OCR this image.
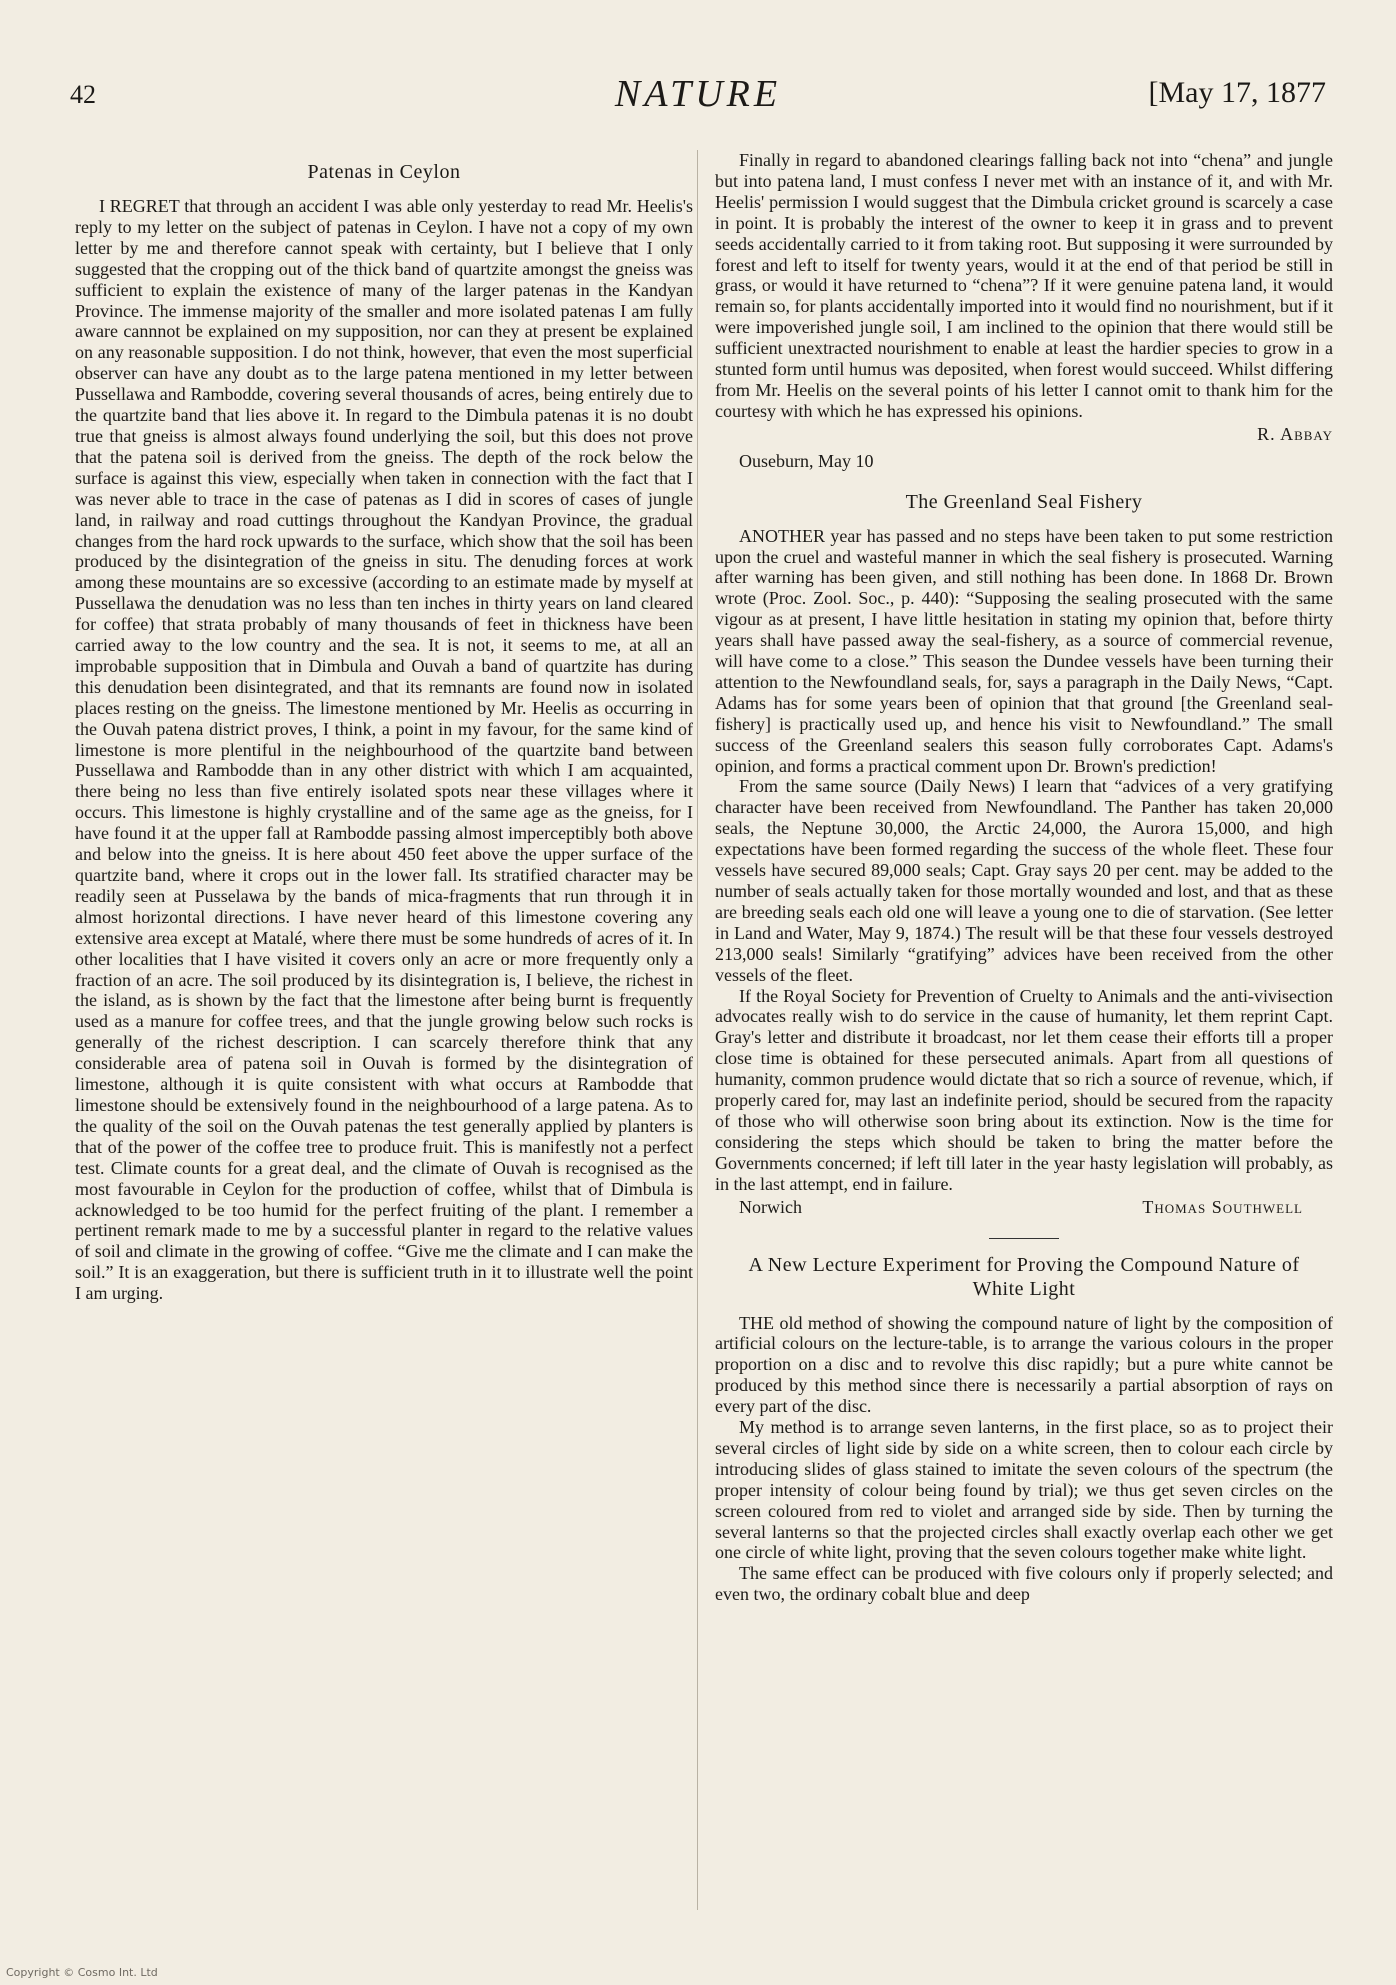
42	NATURE	[May 17, 1877
Patenas in Ceylon

I REGRET that through an accident I was able only yesterday to read Mr. Heelis's reply to my letter on the subject of patenas in Ceylon. I have not a copy of my own letter by me and therefore cannot speak with certainty, but I believe that I only suggested that the cropping out of the thick band of quartzite amongst the gneiss was sufficient to explain the existence of many of the larger patenas in the Kandyan Province. The immense majority of the smaller and more isolated patenas I am fully aware cannnot be explained on my supposition, nor can they at present be explained on any reasonable supposition. I do not think, however, that even the most superficial observer can have any doubt as to the large patena mentioned in my letter between Pussellawa and Rambodde, covering several thousands of acres, being entirely due to the quartzite band that lies above it. In regard to the Dimbula patenas it is no doubt true that gneiss is almost always found underlying the soil, but this does not prove that the patena soil is derived from the gneiss. The depth of the rock below the surface is against this view, especially when taken in connection with the fact that I was never able to trace in the case of patenas as I did in scores of cases of jungle land, in railway and road cuttings throughout the Kandyan Province, the gradual changes from the hard rock upwards to the surface, which show that the soil has been produced by the disintegration of the gneiss in situ. The denuding forces at work among these mountains are so excessive (according to an estimate made by myself at Pussellawa the denudation was no less than ten inches in thirty years on land cleared for coffee) that strata probably of many thousands of feet in thickness have been carried away to the low country and the sea. It is not, it seems to me, at all an improbable supposition that in Dimbula and Ouvah a band of quartzite has during this denudation been disintegrated, and that its remnants are found now in isolated places resting on the gneiss. The limestone mentioned by Mr. Heelis as occurring in the Ouvah patena district proves, I think, a point in my favour, for the same kind of limestone is more plentiful in the neighbourhood of the quartzite band between Pussellawa and Rambodde than in any other district with which I am acquainted, there being no less than five entirely isolated spots near these villages where it occurs. This limestone is highly crystalline and of the same age as the gneiss, for I have found it at the upper fall at Rambodde passing almost imperceptibly both above and below into the gneiss. It is here about 450 feet above the upper surface of the quartzite band, where it crops out in the lower fall. Its stratified character may be readily seen at Pusselawa by the bands of mica-fragments that run through it in almost horizontal directions. I have never heard of this limestone covering any extensive area except at Matalé, where there must be some hundreds of acres of it. In other localities that I have visited it covers only an acre or more frequently only a fraction of an acre. The soil produced by its disintegration is, I believe, the richest in the island, as is shown by the fact that the limestone after being burnt is frequently used as a manure for coffee trees, and that the jungle growing below such rocks is generally of the richest description. I can scarcely therefore think that any considerable area of patena soil in Ouvah is formed by the disintegration of limestone, although it is quite consistent with what occurs at Rambodde that limestone should be extensively found in the neighbourhood of a large patena. As to the quality of the soil on the Ouvah patenas the test generally applied by planters is that of the power of the coffee tree to produce fruit. This is manifestly not a perfect test. Climate counts for a great deal, and the climate of Ouvah is recognised as the most favourable in Ceylon for the production of coffee, whilst that of Dimbula is acknowledged to be too humid for the perfect fruiting of the plant. I remember a pertinent remark made to me by a successful planter in regard to the relative values of soil and climate in the growing of coffee. “Give me the climate and I can make the soil.” It is an exaggeration, but there is sufficient truth in it to illustrate well the point I am urging.

Finally in regard to abandoned clearings falling back not into “chena” and jungle but into patena land, I must confess I never met with an instance of it, and with Mr. Heelis' permission I would suggest that the Dimbula cricket ground is scarcely a case in point. It is probably the interest of the owner to keep it in grass and to prevent seeds accidentally carried to it from taking root. But supposing it were surrounded by forest and left to itself for twenty years, would it at the end of that period be still in grass, or would it have returned to “chena”? If it were genuine patena land, it would remain so, for plants accidentally imported into it would find no nourishment, but if it were impoverished jungle soil, I am inclined to the opinion that there would still be sufficient unextracted nourishment to enable at least the hardier species to grow in a stunted form until humus was deposited, when forest would succeed. Whilst differing from Mr. Heelis on the several points of his letter I cannot omit to thank him for the courtesy with which he has expressed his opinions.

R. Abbay
Ouseburn, May 10
The Greenland Seal Fishery

ANOTHER year has passed and no steps have been taken to put some restriction upon the cruel and wasteful manner in which the seal fishery is prosecuted. Warning after warning has been given, and still nothing has been done. In 1868 Dr. Brown wrote (Proc. Zool. Soc., p. 440): “Supposing the sealing prosecuted with the same vigour as at present, I have little hesitation in stating my opinion that, before thirty years shall have passed away the seal-fishery, as a source of commercial revenue, will have come to a close.” This season the Dundee vessels have been turning their attention to the Newfoundland seals, for, says a paragraph in the Daily News, “Capt. Adams has for some years been of opinion that that ground [the Greenland seal-fishery] is practically used up, and hence his visit to Newfoundland.” The small success of the Greenland sealers this season fully corroborates Capt. Adams's opinion, and forms a practical comment upon Dr. Brown's prediction!

From the same source (Daily News) I learn that “advices of a very gratifying character have been received from Newfoundland. The Panther has taken 20,000 seals, the Neptune 30,000, the Arctic 24,000, the Aurora 15,000, and high expectations have been formed regarding the success of the whole fleet. These four vessels have secured 89,000 seals; Capt. Gray says 20 per cent. may be added to the number of seals actually taken for those mortally wounded and lost, and that as these are breeding seals each old one will leave a young one to die of starvation. (See letter in Land and Water, May 9, 1874.) The result will be that these four vessels destroyed 213,000 seals! Similarly “gratifying” advices have been received from the other vessels of the fleet.

If the Royal Society for Prevention of Cruelty to Animals and the anti-vivisection advocates really wish to do service in the cause of humanity, let them reprint Capt. Gray's letter and distribute it broadcast, nor let them cease their efforts till a proper close time is obtained for these persecuted animals. Apart from all questions of humanity, common prudence would dictate that so rich a source of revenue, which, if properly cared for, may last an indefinite period, should be secured from the rapacity of those who will otherwise soon bring about its extinction. Now is the time for considering the steps which should be taken to bring the matter before the Governments concerned; if left till later in the year hasty legislation will probably, as in the last attempt, end in failure.

Norwich	Thomas Southwell
A New Lecture Experiment for Proving the Compound Nature of White Light

THE old method of showing the compound nature of light by the composition of artificial colours on the lecture-table, is to arrange the various colours in the proper proportion on a disc and to revolve this disc rapidly; but a pure white cannot be produced by this method since there is necessarily a partial absorption of rays on every part of the disc.

My method is to arrange seven lanterns, in the first place, so as to project their several circles of light side by side on a white screen, then to colour each circle by introducing slides of glass stained to imitate the seven colours of the spectrum (the proper intensity of colour being found by trial); we thus get seven circles on the screen coloured from red to violet and arranged side by side. Then by turning the several lanterns so that the projected circles shall exactly overlap each other we get one circle of white light, proving that the seven colours together make white light.

The same effect can be produced with five colours only if properly selected; and even two, the ordinary cobalt blue and deep

Copyright © Cosmo Int. Ltd
